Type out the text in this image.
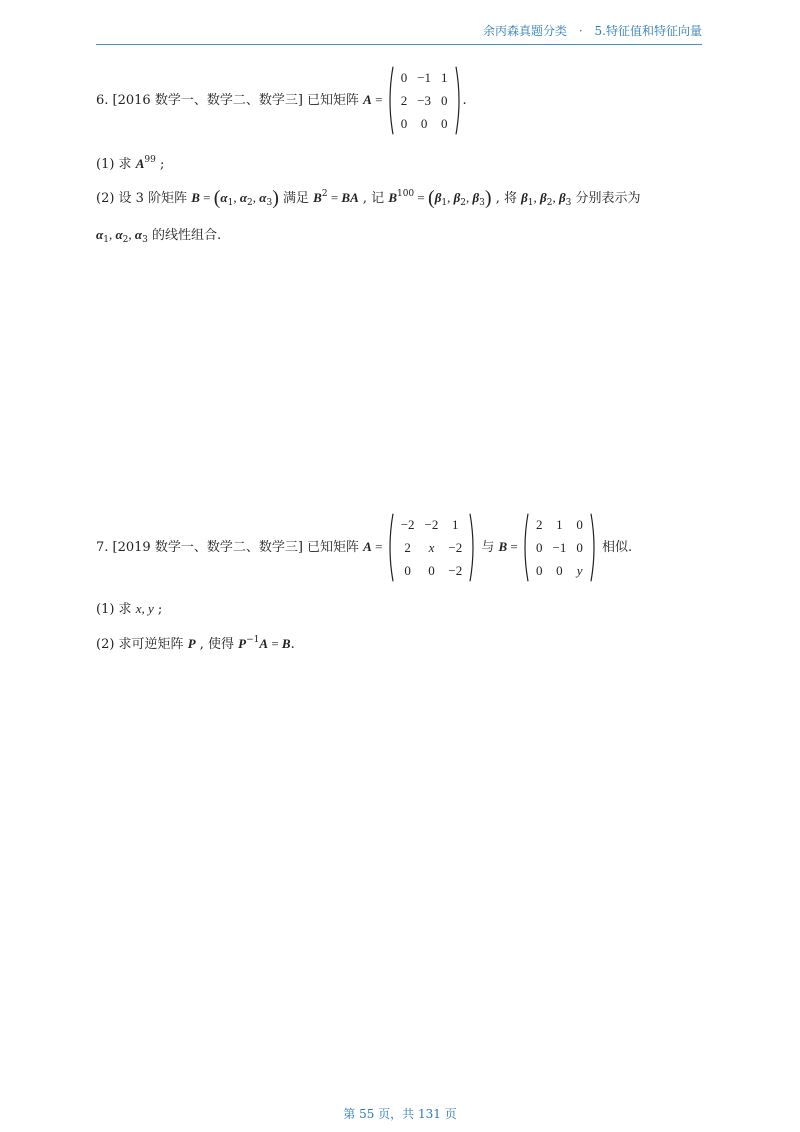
余丙森真题分类 · 5.特征值和特征向量
6. [2016 数学一、数学二、数学三] 已知矩阵 A =
0	−1	1
2	−3	0
0	0	0
.
(1) 求 $A^{99}$ ;
(2) 设 3 阶矩阵 $B = (\alpha_1$, $\alpha_2$, $\alpha_3$) 满足 $B^2$ = BA , 记 $B^{100} = (\beta_1$, $\beta_2$, $\beta_3$) , 将 $\beta_1$, $\beta_2$, $\beta_3$ 分别表示为
$\alpha_1$, $\alpha_2$, $\alpha_3$ 的线性组合.
7. [2019 数学一、数学二、数学三] 已知矩阵 A =
−2	−2	1
2	x	−2
0	0	−2
与 B =
2	1	0
0	−1	0
0	0	y
相似.
(1) 求 x, y ;
(2) 求可逆矩阵 P , 使得 $P^{-1}A = B$.
第 55 页，共 131 页
